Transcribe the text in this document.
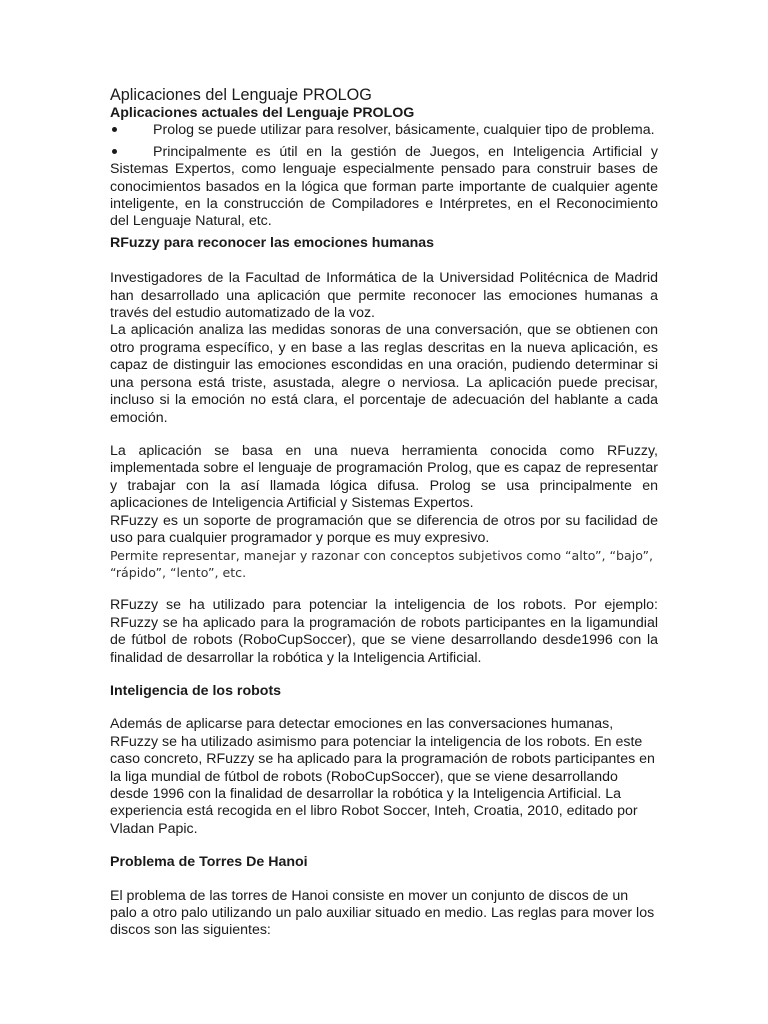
Aplicaciones del Lenguaje PROLOG
Aplicaciones actuales del Lenguaje PROLOG

Prolog se puede utilizar para resolver, básicamente, cualquier tipo de problema.

Principalmente es útil en la gestión de Juegos, en Inteligencia Artificial y Sistemas Expertos, como lenguaje especialmente pensado para construir bases de conocimientos basados en la lógica que forman parte importante de cualquier agente inteligente, en la construcción de Compiladores e Intérpretes, en el Reconocimiento del Lenguaje Natural, etc.

RFuzzy para reconocer las emociones humanas

Investigadores de la Facultad de Informática de la Universidad Politécnica de Madrid han desarrollado una aplicación que permite reconocer las emociones humanas a través del estudio automatizado de la voz.

La aplicación analiza las medidas sonoras de una conversación, que se obtienen con otro programa específico, y en base a las reglas descritas en la nueva aplicación, es capaz de distinguir las emociones escondidas en una oración, pudiendo determinar si una persona está triste, asustada, alegre o nerviosa. La aplicación puede precisar, incluso si la emoción no está clara, el porcentaje de adecuación del hablante a cada emoción.

La aplicación se basa en una nueva herramienta conocida como RFuzzy, implementada sobre el lenguaje de programación Prolog, que es capaz de representar y trabajar con la así llamada lógica difusa. Prolog se usa principalmente en aplicaciones de Inteligencia Artificial y Sistemas Expertos.

RFuzzy es un soporte de programación que se diferencia de otros por su facilidad de uso para cualquier programador y porque es muy expresivo.

Permite representar, manejar y razonar con conceptos subjetivos como “alto”, “bajo”, “rápido”, “lento”, etc.

RFuzzy se ha utilizado para potenciar la inteligencia de los robots. Por ejemplo: RFuzzy se ha aplicado para la programación de robots participantes en la ligamundial de fútbol de robots (RoboCupSoccer), que se viene desarrollando desde1996 con la finalidad de desarrollar la robótica y la Inteligencia Artificial.

Inteligencia de los robots

Además de aplicarse para detectar emociones en las conversaciones humanas, RFuzzy se ha utilizado asimismo para potenciar la inteligencia de los robots. En este caso concreto, RFuzzy se ha aplicado para la programación de robots participantes en la liga mundial de fútbol de robots (RoboCupSoccer), que se viene desarrollando desde 1996 con la finalidad de desarrollar la robótica y la Inteligencia Artificial. La experiencia está recogida en el libro Robot Soccer, Inteh, Croatia, 2010, editado por Vladan Papic.

Problema de Torres De Hanoi

El problema de las torres de Hanoi consiste en mover un conjunto de discos de un palo a otro palo utilizando un palo auxiliar situado en medio. Las reglas para mover los discos son las siguientes:
